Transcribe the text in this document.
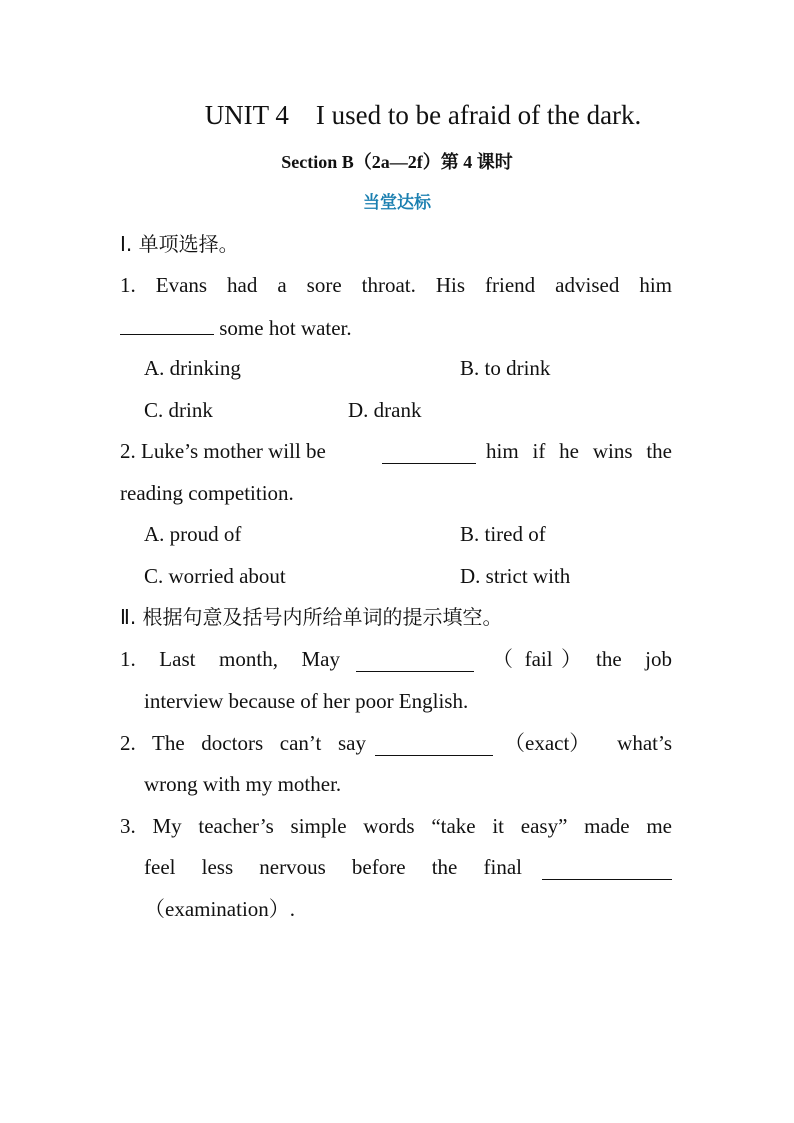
UNIT 4    I used to be afraid of the dark.
Section B（2a—2f）第 4 课时
当堂达标
Ⅰ. 单项选择。
1. Evans had a sore throat. His friend advised him
some hot water.
A. drinking	B. to drink
C. drink	D. drank
2. Luke’s mother will be	him if he wins the
reading competition.
A. proud of	B. tired of
C. worried about	D. strict with
Ⅱ. 根据句意及括号内所给单词的提示填空。
1. Last month, May	（ fail ） the job
interview because of her poor English.
2. The doctors can’t say	（exact）	what’s
wrong with my mother.
3. My teacher’s simple words “take it easy” made me
feel less nervous before the final
（examination）.
